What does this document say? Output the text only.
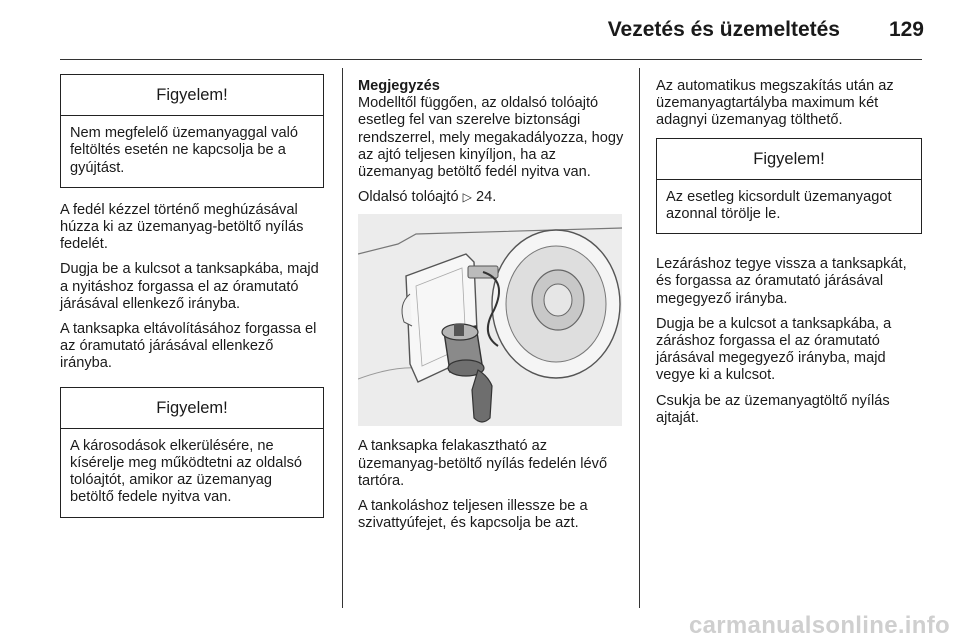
Vezetés és üzemeltetés	129
Figyelem!
Nem megfelelő üzemanyaggal való feltöltés esetén ne kapcsolja be a gyújtást.

A fedél kézzel történő meghúzásával húzza ki az üzemanyag-betöltő nyílás fedelét.

Dugja be a kulcsot a tanksapkába, majd a nyitáshoz forgassa el az óramutató járásával ellenkező irányba.

A tanksapka eltávolításához forgassa el az óramutató járásával ellenkező irányba.

Figyelem!
A károsodások elkerülésére, ne kísérelje meg működtetni az oldalsó tolóajtót, amikor az üzemanyag betöltő fedele nyitva van.

Megjegyzés
Modelltől függően, az oldalsó tolóajtó esetleg fel van szerelve biztonsági rendszerrel, mely megakadályozza, hogy az ajtó teljesen kinyíljon, ha az üzemanyag betöltő fedél nyitva van.

Oldalsó tolóajtó ▷ 24.

A tanksapka felakasztható az üzemanyag-betöltő nyílás fedelén lévő tartóra.

A tankoláshoz teljesen illessze be a szivattyúfejet, és kapcsolja be azt.

Az automatikus megszakítás után az üzemanyagtartályba maximum két adagnyi üzemanyag tölthető.

Figyelem!
Az esetleg kicsordult üzemanyagot azonnal törölje le.

Lezáráshoz tegye vissza a tanksapkát, és forgassa az óramutató járásával megegyező irányba.

Dugja be a kulcsot a tanksapkába, a záráshoz forgassa el az óramutató járásával megegyező irányba, majd vegye ki a kulcsot.

Csukja be az üzemanyagtöltő nyílás ajtaját.

carmanualsonline.info
